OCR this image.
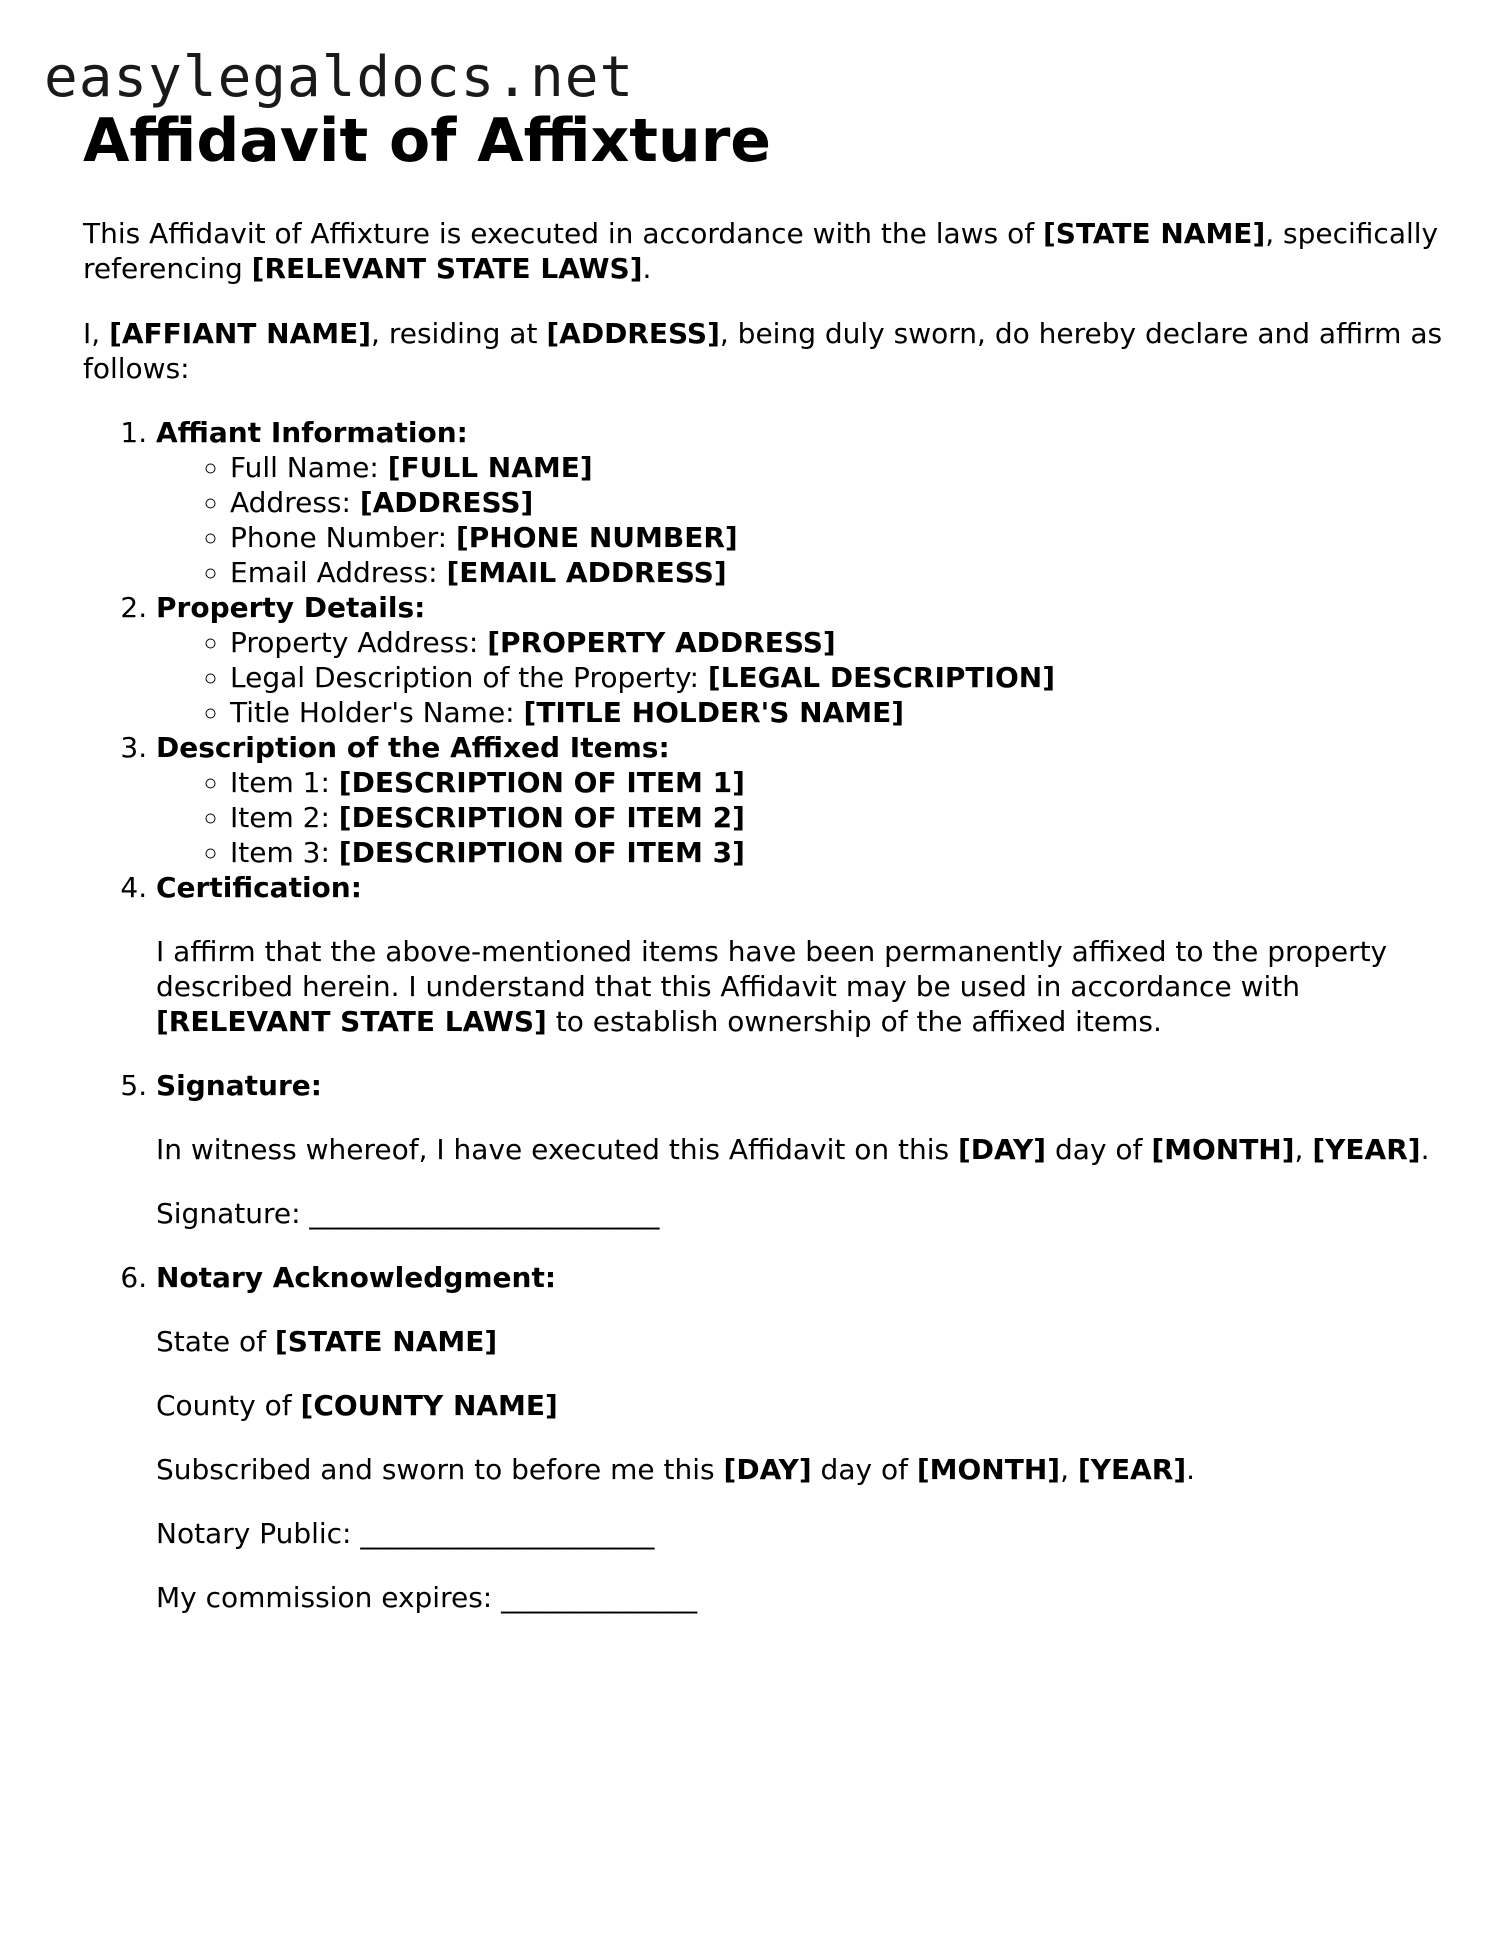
easylegaldocs.net
Affidavit of Affixture

This Affidavit of Affixture is executed in accordance with the laws of [STATE NAME], specifically referencing [RELEVANT STATE LAWS].

I, [AFFIANT NAME], residing at [ADDRESS], being duly sworn, do hereby declare and affirm as follows:

1. Affiant Information:
◦ Full Name: [FULL NAME]
◦ Address: [ADDRESS]
◦ Phone Number: [PHONE NUMBER]
◦ Email Address: [EMAIL ADDRESS]
2. Property Details:
◦ Property Address: [PROPERTY ADDRESS]
◦ Legal Description of the Property: [LEGAL DESCRIPTION]
◦ Title Holder's Name: [TITLE HOLDER'S NAME]
3. Description of the Affixed Items:
◦ Item 1: [DESCRIPTION OF ITEM 1]
◦ Item 2: [DESCRIPTION OF ITEM 2]
◦ Item 3: [DESCRIPTION OF ITEM 3]
4. Certification:

I affirm that the above-mentioned items have been permanently affixed to the property described herein. I understand that this Affidavit may be used in accordance with [RELEVANT STATE LAWS] to establish ownership of the affixed items.

5. Signature:

In witness whereof, I have executed this Affidavit on this [DAY] day of [MONTH], [YEAR].

Signature: _________________________

6. Notary Acknowledgment:

State of [STATE NAME]

County of [COUNTY NAME]

Subscribed and sworn to before me this [DAY] day of [MONTH], [YEAR].

Notary Public: _____________________

My commission expires: ______________
